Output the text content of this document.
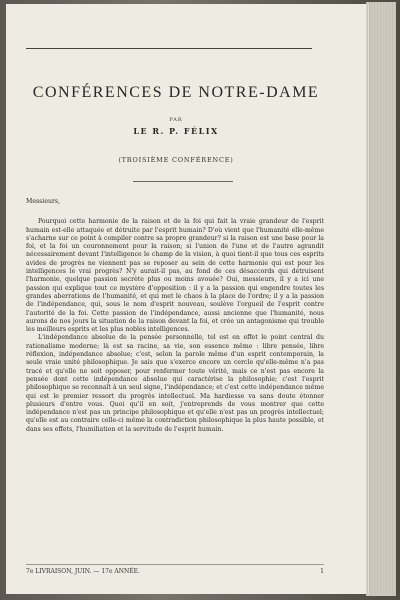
CONFÉRENCES DE NOTRE-DAME
PAR
LE R. P. FÉLIX
(TROISIÈME CONFÉRENCE)
Messieurs,

Pourquoi cette harmonie de la raison et de la foi qui fait la vraie grandeur de l'esprit humain est-elle attaquée et détruite par l'esprit humain? D'où vient que l'humanité elle-même s'acharne sur ce point à compiler contre sa propre grandeur? si la raison est une base pour la foi, et la foi un couronnement pour la raison; si l'union de l'une et de l'autre agrandit nécessairement devant l'intelligence le champ de la vision, à quoi tient-il que tous ces esprits avides de progrès ne viennent pas se reposer au sein de cette harmonie qui est pour les intelligences le vrai progrès? N'y aurait-il pas, au fond de ces désaccords qui détruisent l'harmonie, quelque passion secrète plus ou moins avouée? Oui, messieurs, il y a ici une passion qui explique tout ce mystère d'opposition : il y a la passion qui engendre toutes les grandes aberrations de l'humanité, et qui met le chaos à la place de l'ordre; il y a la passion de l'indépendance, qui, sous le nom d'esprit nouveau, soulève l'orgueil de l'esprit contre l'autorité de la foi. Cette passion de l'indépendance, aussi ancienne que l'humanité, nous aurons de nos jours la situation de la raison devant la foi, et crée un antagonisme qui trouble les meilleurs esprits et les plus nobles intelligences.

L'indépendance absolue de la pensée personnelle, tel est en effet le point central du rationalisme moderne; là est sa racine, sa vie, son essence même : libre pensée, libre réflexion, indépendance absolue; c'est, selon la parole même d'un esprit contemporain, la seule vraie unité philosophique. Je sais que s'exerce encore un cercle qu'elle-même n'a pas tracé et qu'elle ne soit opposer, pour renfermer toute vérité, mais ce n'est pas encore la pensée dont cette indépendance absolue qui caractérise la philosophie; c'est l'esprit philosophique se reconnaît à un seul signe, l'indépendance; et c'est cette indépendance même qui est le premier ressort du progrès intellectuel. Ma hardiesse va sans doute étonner plusieurs d'entre vous. Quoi qu'il en soit, j'entreprends de vous montrer que cette indépendance n'est pas un principe philosophique et qu'elle n'est pas un progrès intellectuel; qu'elle est au contraire celle-ci même la contradiction philosophique la plus haute possible, et dans ses effets, l'humiliation et la servitude de l'esprit humain.

7e LIVRAISON, JUIN. — 17e ANNÉE.	1
